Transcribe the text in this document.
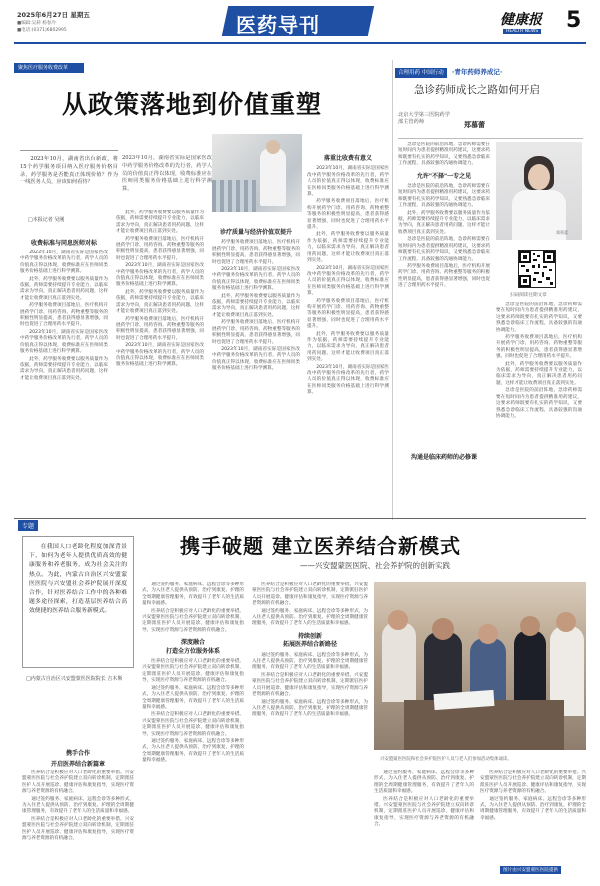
2025年6月27日 星期五
■编辑:吴莉 杨春冷
■电话:(0371)6802995	医药导刊	健康报
HEALTH NEWS 5
聚焦医疗服务收费改革
合理用药 中国行动 ·青年药师养成记·
从政策落地到价值重塑
2023年10月，湖南省出台新政，将15个药学服务项目纳入医疗服务价格目录，药学服务是否能真正体现价值？作为一线医务人员，应该如何看待？
2023年10月，湖南省实际是国家医改中药学服务价格改革的先行者，药学人员的价值真正得以体现，收费标准应在医师同类服务价格基础上进行科学测算。
□本报记者 吴刚
收费标准与同息医师对标

2023年10月，湖南省实际是国家医改中药学服务价格改革的先行者，药学人员的价值真正得以体现，收费标准应在医师同类服务价格基础上进行科学测算。

此外，药学服务收费要以服务质量作为依据，药师需要持续提升专业能力，以临床需求为导向，真正解决患者用药问题，这样才能让收费项目真正落到实处。

药学服务收费项目落地后，医疗机构开展药学门诊、用药咨询、药物重整等服务的积极性明显提高，患者获得感显著增强，同时也促进了合理用药水平提升。

2023年10月，湖南省实际是国家医改中药学服务价格改革的先行者，药学人员的价值真正得以体现，收费标准应在医师同类服务价格基础上进行科学测算。

此外，药学服务收费要以服务质量作为依据，药师需要持续提升专业能力，以临床需求为导向，真正解决患者用药问题，这样才能让收费项目真正落到实处。

此外，药学服务收费要以服务质量作为依据，药师需要持续提升专业能力，以临床需求为导向，真正解决患者用药问题，这样才能让收费项目真正落到实处。

药学服务收费项目落地后，医疗机构开展药学门诊、用药咨询、药物重整等服务的积极性明显提高，患者获得感显著增强，同时也促进了合理用药水平提升。

2023年10月，湖南省实际是国家医改中药学服务价格改革的先行者，药学人员的价值真正得以体现，收费标准应在医师同类服务价格基础上进行科学测算。

此外，药学服务收费要以服务质量作为依据，药师需要持续提升专业能力，以临床需求为导向，真正解决患者用药问题，这样才能让收费项目真正落到实处。

药学服务收费项目落地后，医疗机构开展药学门诊、用药咨询、药物重整等服务的积极性明显提高，患者获得感显著增强，同时也促进了合理用药水平提升。

2023年10月，湖南省实际是国家医改中药学服务价格改革的先行者，药学人员的价值真正得以体现，收费标准应在医师同类服务价格基础上进行科学测算。

诊疗质量与经济价值双提升

药学服务收费项目落地后，医疗机构开展药学门诊、用药咨询、药物重整等服务的积极性明显提高，患者获得感显著增强，同时也促进了合理用药水平提升。

2023年10月，湖南省实际是国家医改中药学服务价格改革的先行者，药学人员的价值真正得以体现，收费标准应在医师同类服务价格基础上进行科学测算。

此外，药学服务收费要以服务质量作为依据，药师需要持续提升专业能力，以临床需求为导向，真正解决患者用药问题，这样才能让收费项目真正落到实处。

药学服务收费项目落地后，医疗机构开展药学门诊、用药咨询、药物重整等服务的积极性明显提高，患者获得感显著增强，同时也促进了合理用药水平提升。

2023年10月，湖南省实际是国家医改中药学服务价格改革的先行者，药学人员的价值真正得以体现，收费标准应在医师同类服务价格基础上进行科学测算。

落重比收费有意义

2023年10月，湖南省实际是国家医改中药学服务价格改革的先行者，药学人员的价值真正得以体现，收费标准应在医师同类服务价格基础上进行科学测算。

药学服务收费项目落地后，医疗机构开展药学门诊、用药咨询、药物重整等服务的积极性明显提高，患者获得感显著增强，同时也促进了合理用药水平提升。

此外，药学服务收费要以服务质量作为依据，药师需要持续提升专业能力，以临床需求为导向，真正解决患者用药问题，这样才能让收费项目真正落到实处。

2023年10月，湖南省实际是国家医改中药学服务价格改革的先行者，药学人员的价值真正得以体现，收费标准应在医师同类服务价格基础上进行科学测算。

药学服务收费项目落地后，医疗机构开展药学门诊、用药咨询、药物重整等服务的积极性明显提高，患者获得感显著增强，同时也促进了合理用药水平提升。

此外，药学服务收费要以服务质量作为依据，药师需要持续提升专业能力，以临床需求为导向，真正解决患者用药问题，这样才能让收费项目真正落到实处。

2023年10月，湖南省实际是国家医改中药学服务价格改革的先行者，药学人员的价值真正得以体现，收费标准应在医师同类服务价格基础上进行科学测算。

急诊药师成长之路如何开启
北京大学第三医院药学部主管药师	郑慕蕾

急诊是医院的前沿阵地，急诊药师需要在短时间内为患者提供精准用药建议，这要求药师既要有扎实的药学知识，又要熟悉急诊临床工作流程，具备较强的沟通协调能力。

允许"不择"一专之见

急诊是医院的前沿阵地，急诊药师需要在短时间内为患者提供精准用药建议，这要求药师既要有扎实的药学知识，又要熟悉急诊临床工作流程，具备较强的沟通协调能力。

此外，药学服务收费要以服务质量作为依据，药师需要持续提升专业能力，以临床需求为导向，真正解决患者用药问题，这样才能让收费项目真正落到实处。

急诊是医院的前沿阵地，急诊药师需要在短时间内为患者提供精准用药建议，这要求药师既要有扎实的药学知识，又要熟悉急诊临床工作流程，具备较强的沟通协调能力。

药学服务收费项目落地后，医疗机构开展药学门诊、用药咨询、药物重整等服务的积极性明显提高，患者获得感显著增强，同时也促进了合理用药水平提升。

郑慕蕾
扫码阅读往期文章

急诊是医院的前沿阵地，急诊药师需要在短时间内为患者提供精准用药建议，这要求药师既要有扎实的药学知识，又要熟悉急诊临床工作流程，具备较强的沟通协调能力。

药学服务收费项目落地后，医疗机构开展药学门诊、用药咨询、药物重整等服务的积极性明显提高，患者获得感显著增强，同时也促进了合理用药水平提升。

此外，药学服务收费要以服务质量作为依据，药师需要持续提升专业能力，以临床需求为导向，真正解决患者用药问题，这样才能让收费项目真正落到实处。

急诊是医院的前沿阵地，急诊药师需要在短时间内为患者提供精准用药建议，这要求药师既要有扎实的药学知识，又要熟悉急诊临床工作流程，具备较强的沟通协调能力。

沟通是临床药师的必修课
专题
在我国人口老龄化程度加深背景下，如何为老年人提供优质高效的健康服务和养老服务，成为社会关注的热点。为此，内蒙古自治区兴安盟蒙医医院与兴安盟社会养护院展开深度合作，针对医养结合工作中的各种难题多途径探索，打造基层医养结合高效便捷的医养结合服务新模式。
□内蒙古自治区兴安盟蒙医医院院长 吉木斯
携手破题 建立医养结合新模式
——兴安盟蒙医医院、社会养护院的创新实践
兴安盟蒙医医院和社会养护院医护人员与老人们参加活动集体诵读。
携手合作
开启医养结合新篇章

医养结合是积极应对人口老龄化的重要举措。兴安盟蒙医医院与社会养护院建立双向转诊机制，定期派驻医护人员开展巡诊、健康评估和康复指导，实现医疗资源与养老资源的有机融合。

通过签约服务、家庭病床、远程会诊等多种形式，为入住老人提供从预防、治疗到康复、护理的全周期健康管理服务，有效提升了老年人的生活质量和幸福感。

医养结合是积极应对人口老龄化的重要举措。兴安盟蒙医医院与社会养护院建立双向转诊机制，定期派驻医护人员开展巡诊、健康评估和康复指导，实现医疗资源与养老资源的有机融合。

通过签约服务、家庭病床、远程会诊等多种形式，为入住老人提供从预防、治疗到康复、护理的全周期健康管理服务，有效提升了老年人的生活质量和幸福感。

医养结合是积极应对人口老龄化的重要举措。兴安盟蒙医医院与社会养护院建立双向转诊机制，定期派驻医护人员开展巡诊、健康评估和康复指导，实现医疗资源与养老资源的有机融合。

深度融合
打造全方位服务体系

医养结合是积极应对人口老龄化的重要举措。兴安盟蒙医医院与社会养护院建立双向转诊机制，定期派驻医护人员开展巡诊、健康评估和康复指导，实现医疗资源与养老资源的有机融合。

通过签约服务、家庭病床、远程会诊等多种形式，为入住老人提供从预防、治疗到康复、护理的全周期健康管理服务，有效提升了老年人的生活质量和幸福感。

医养结合是积极应对人口老龄化的重要举措。兴安盟蒙医医院与社会养护院建立双向转诊机制，定期派驻医护人员开展巡诊、健康评估和康复指导，实现医疗资源与养老资源的有机融合。

通过签约服务、家庭病床、远程会诊等多种形式，为入住老人提供从预防、治疗到康复、护理的全周期健康管理服务，有效提升了老年人的生活质量和幸福感。

医养结合是积极应对人口老龄化的重要举措。兴安盟蒙医医院与社会养护院建立双向转诊机制，定期派驻医护人员开展巡诊、健康评估和康复指导，实现医疗资源与养老资源的有机融合。

通过签约服务、家庭病床、远程会诊等多种形式，为入住老人提供从预防、治疗到康复、护理的全周期健康管理服务，有效提升了老年人的生活质量和幸福感。

持续创新
拓展医养结合新路径

通过签约服务、家庭病床、远程会诊等多种形式，为入住老人提供从预防、治疗到康复、护理的全周期健康管理服务，有效提升了老年人的生活质量和幸福感。

医养结合是积极应对人口老龄化的重要举措。兴安盟蒙医医院与社会养护院建立双向转诊机制，定期派驻医护人员开展巡诊、健康评估和康复指导，实现医疗资源与养老资源的有机融合。

通过签约服务、家庭病床、远程会诊等多种形式，为入住老人提供从预防、治疗到康复、护理的全周期健康管理服务，有效提升了老年人的生活质量和幸福感。

通过签约服务、家庭病床、远程会诊等多种形式，为入住老人提供从预防、治疗到康复、护理的全周期健康管理服务，有效提升了老年人的生活质量和幸福感。

医养结合是积极应对人口老龄化的重要举措。兴安盟蒙医医院与社会养护院建立双向转诊机制，定期派驻医护人员开展巡诊、健康评估和康复指导，实现医疗资源与养老资源的有机融合。

医养结合是积极应对人口老龄化的重要举措。兴安盟蒙医医院与社会养护院建立双向转诊机制，定期派驻医护人员开展巡诊、健康评估和康复指导，实现医疗资源与养老资源的有机融合。

通过签约服务、家庭病床、远程会诊等多种形式，为入住老人提供从预防、治疗到康复、护理的全周期健康管理服务，有效提升了老年人的生活质量和幸福感。

图片由兴安盟蒙医医院提供
